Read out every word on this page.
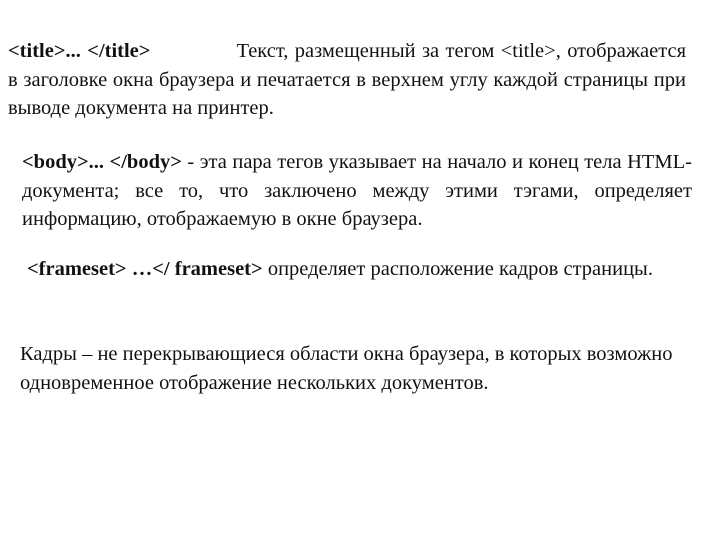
<title>... </title>	Текст, размещенный за тегом <title>, отображается в заголовке окна браузера и печатается в верхнем углу каждой страницы при выводе документа на принтер.

<body>... </body> - эта пара тегов указывает на начало и конец тела HTML-документа; все то, что заключено между этими тэгами, определяет информацию, отображаемую в окне браузера.

<frameset> …</ frameset> определяет расположение кадров страницы.

Кадры – не перекрывающиеся области окна браузера, в которых возможно одновременное отображение нескольких документов.
